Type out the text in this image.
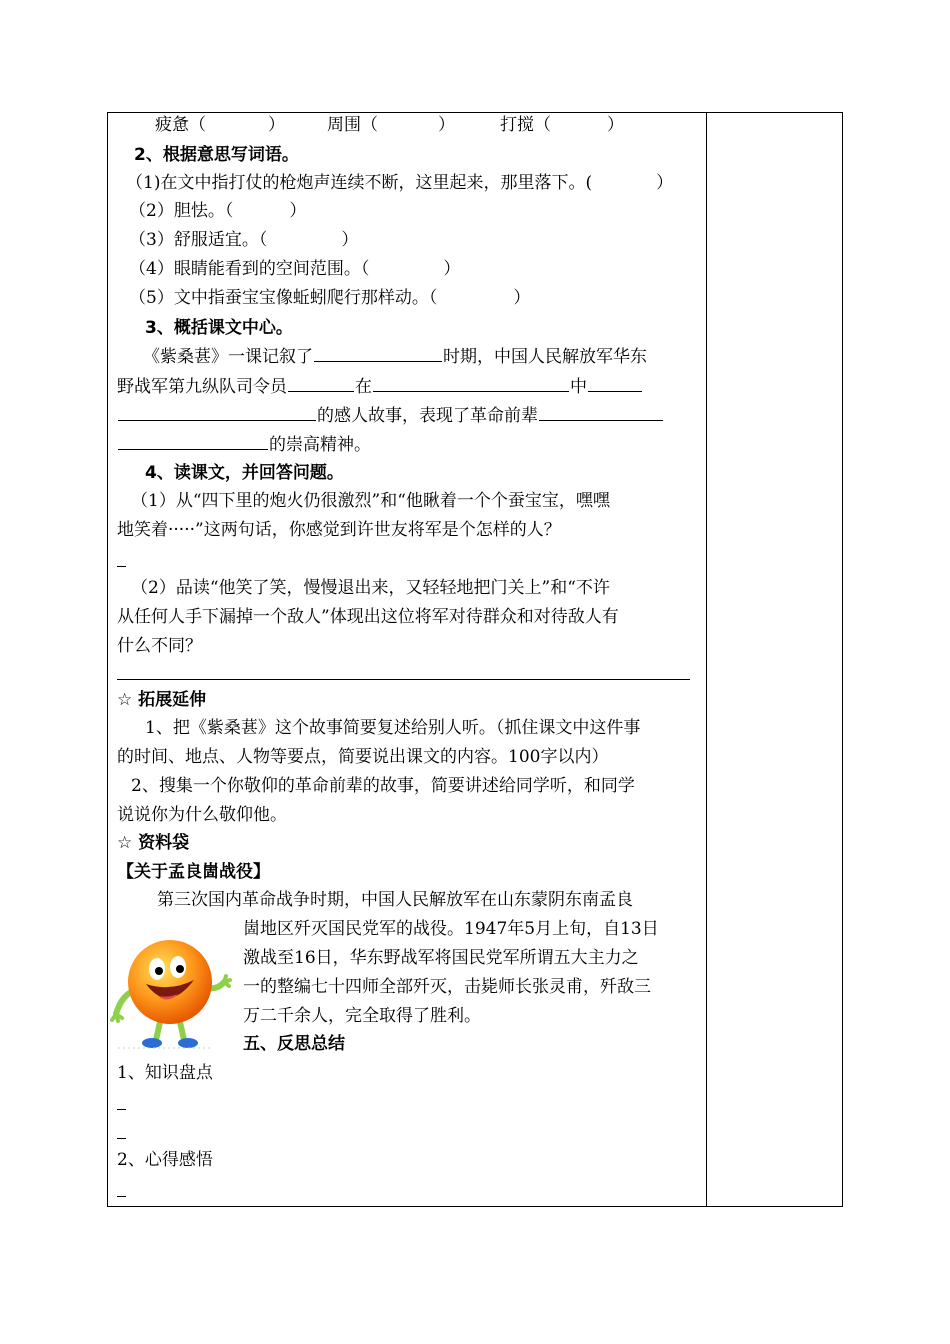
疲惫（	） 周围（	）	打搅（	）
2、根据意思写词语。
（1)在文中指打仗的枪炮声连续不断，这里起来，那里落下。(	）
（2）胆怯。（	）
（3）舒服适宜。（	）
（4）眼睛能看到的空间范围。（	）
（5）文中指蚕宝宝像蚯蚓爬行那样动。（	）
3、概括课文中心。
《紫桑葚》一课记叙了	时期，中国人民解放军华东
野战军第九纵队司令员	在	中
的感人故事，表现了革命前辈
的崇高精神。
4、读课文，并回答问题。
（1）从“四下里的炮火仍很激烈”和“他瞅着一个个蚕宝宝，嘿嘿
地笑着·····”这两句话，你感觉到许世友将军是个怎样的人？
（2）品读“他笑了笑，慢慢退出来，又轻轻地把门关上”和“不许
从任何人手下漏掉一个敌人”体现出这位将军对待群众和对待敌人有
什么不同？
☆ 拓展延伸
1、把《紫桑葚》这个故事简要复述给别人听。（抓住课文中这件事
的时间、地点、人物等要点，简要说出课文的内容。100字以内）
2、搜集一个你敬仰的革命前辈的故事，简要讲述给同学听，和同学
说说你为什么敬仰他。
☆ 资料袋
【关于孟良崮战役】
第三次国内革命战争时期，中国人民解放军在山东蒙阴东南孟良
崮地区歼灭国民党军的战役。1947年5月上旬，自13日
激战至16日，华东野战军将国民党军所谓五大主力之
一的整编七十四师全部歼灭，击毙师长张灵甫，歼敌三
万二千余人，完全取得了胜利。
五、反思总结
1、知识盘点
2、心得感悟
